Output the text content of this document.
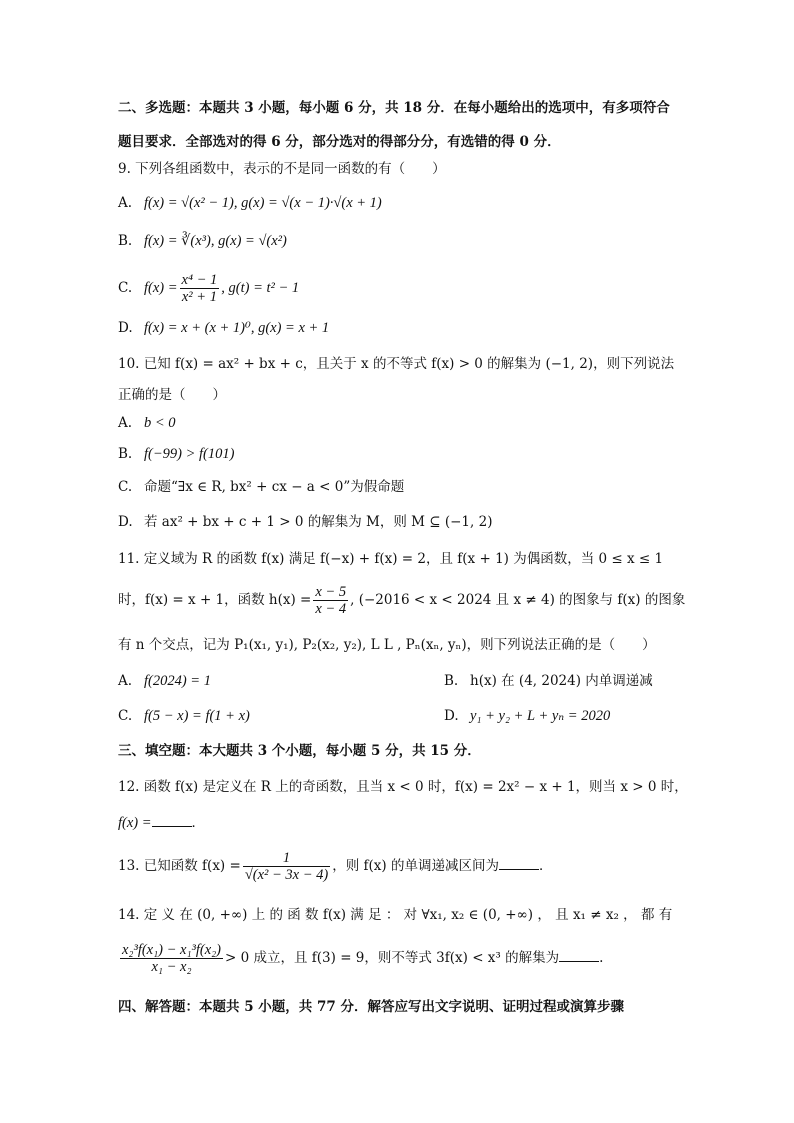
二、多选题：本题共 3 小题，每小题 6 分，共 18 分．在每小题给出的选项中，有多项符合
题目要求．全部选对的得 6 分，部分选对的得部分分，有选错的得 0 分．
9. 下列各组函数中，表示的不是同一函数的有（　　）
A. f(x) = √(x² − 1), g(x) = √(x − 1)·√(x + 1)
B. f(x) = ∛(x³), g(x) = √(x²)
C. $f(x) = \frac{\text{x⁴ − 1}}{\text{x² + 1}}$ , g(t) = t² − 1
D. f(x) = x + (x + 1)⁰, g(x) = x + 1
10. 已知 f(x) = ax² + bx + c，且关于 x 的不等式 f(x) > 0 的解集为 (−1, 2)，则下列说法
正确的是（　　）
A. b < 0
B. f(−99) > f(101)
C. 命题“∃x ∈ R, bx² + cx − a < 0”为假命题
D. 若 ax² + bx + c + 1 > 0 的解集为 M，则 M ⊆ (−1, 2)
11. 定义域为 R 的函数 f(x) 满足 f(−x) + f(x) = 2，且 f(x + 1) 为偶函数，当 0 ≤ x ≤ 1
时，f(x) = x + 1，函数 $h(x) = \frac{x - 5}{x - 4}$ , (−2016 < x < 2024 且 x ≠ 4) 的图象与 f(x) 的图象
有 n 个交点，记为 P₁(x₁, y₁), P₂(x₂, y₂), L L , Pₙ(xₙ, yₙ)，则下列说法正确的是（　　）
A. f(2024) = 1	B. h(x) 在 (4, 2024) 内单调递减
C. f(5 − x) = f(1 + x)	D. y₁ + y₂ + L + yₙ = 2020
三、填空题：本大题共 3 个小题，每小题 5 分，共 15 分．
12. 函数 f(x) 是定义在 R 上的奇函数，且当 x < 0 时，f(x) = 2x² − x + 1，则当 x > 0 时，
f(x) =	．
13. 已知函数 $f(x) = \frac{1}{\text{√(x² − 3x − 4)}}$ ，则 f(x) 的单调递减区间为	．
14. 定 义 在 (0, +∞) 上 的 函 数 f(x) 满 足 ： 对 ∀x₁, x₂ ∈ (0, +∞) ， 且 x₁ ≠ x₂ ， 都 有
$\frac{\text{x₂³f(x₁) − x₁³f(x₂)}}{\text{x₁ − x₂}} > 0$ 成立，且 f(3) = 9，则不等式 3f(x) < x³ 的解集为	.
四、解答题：本题共 5 小题，共 77 分．解答应写出文字说明、证明过程或演算步骤
